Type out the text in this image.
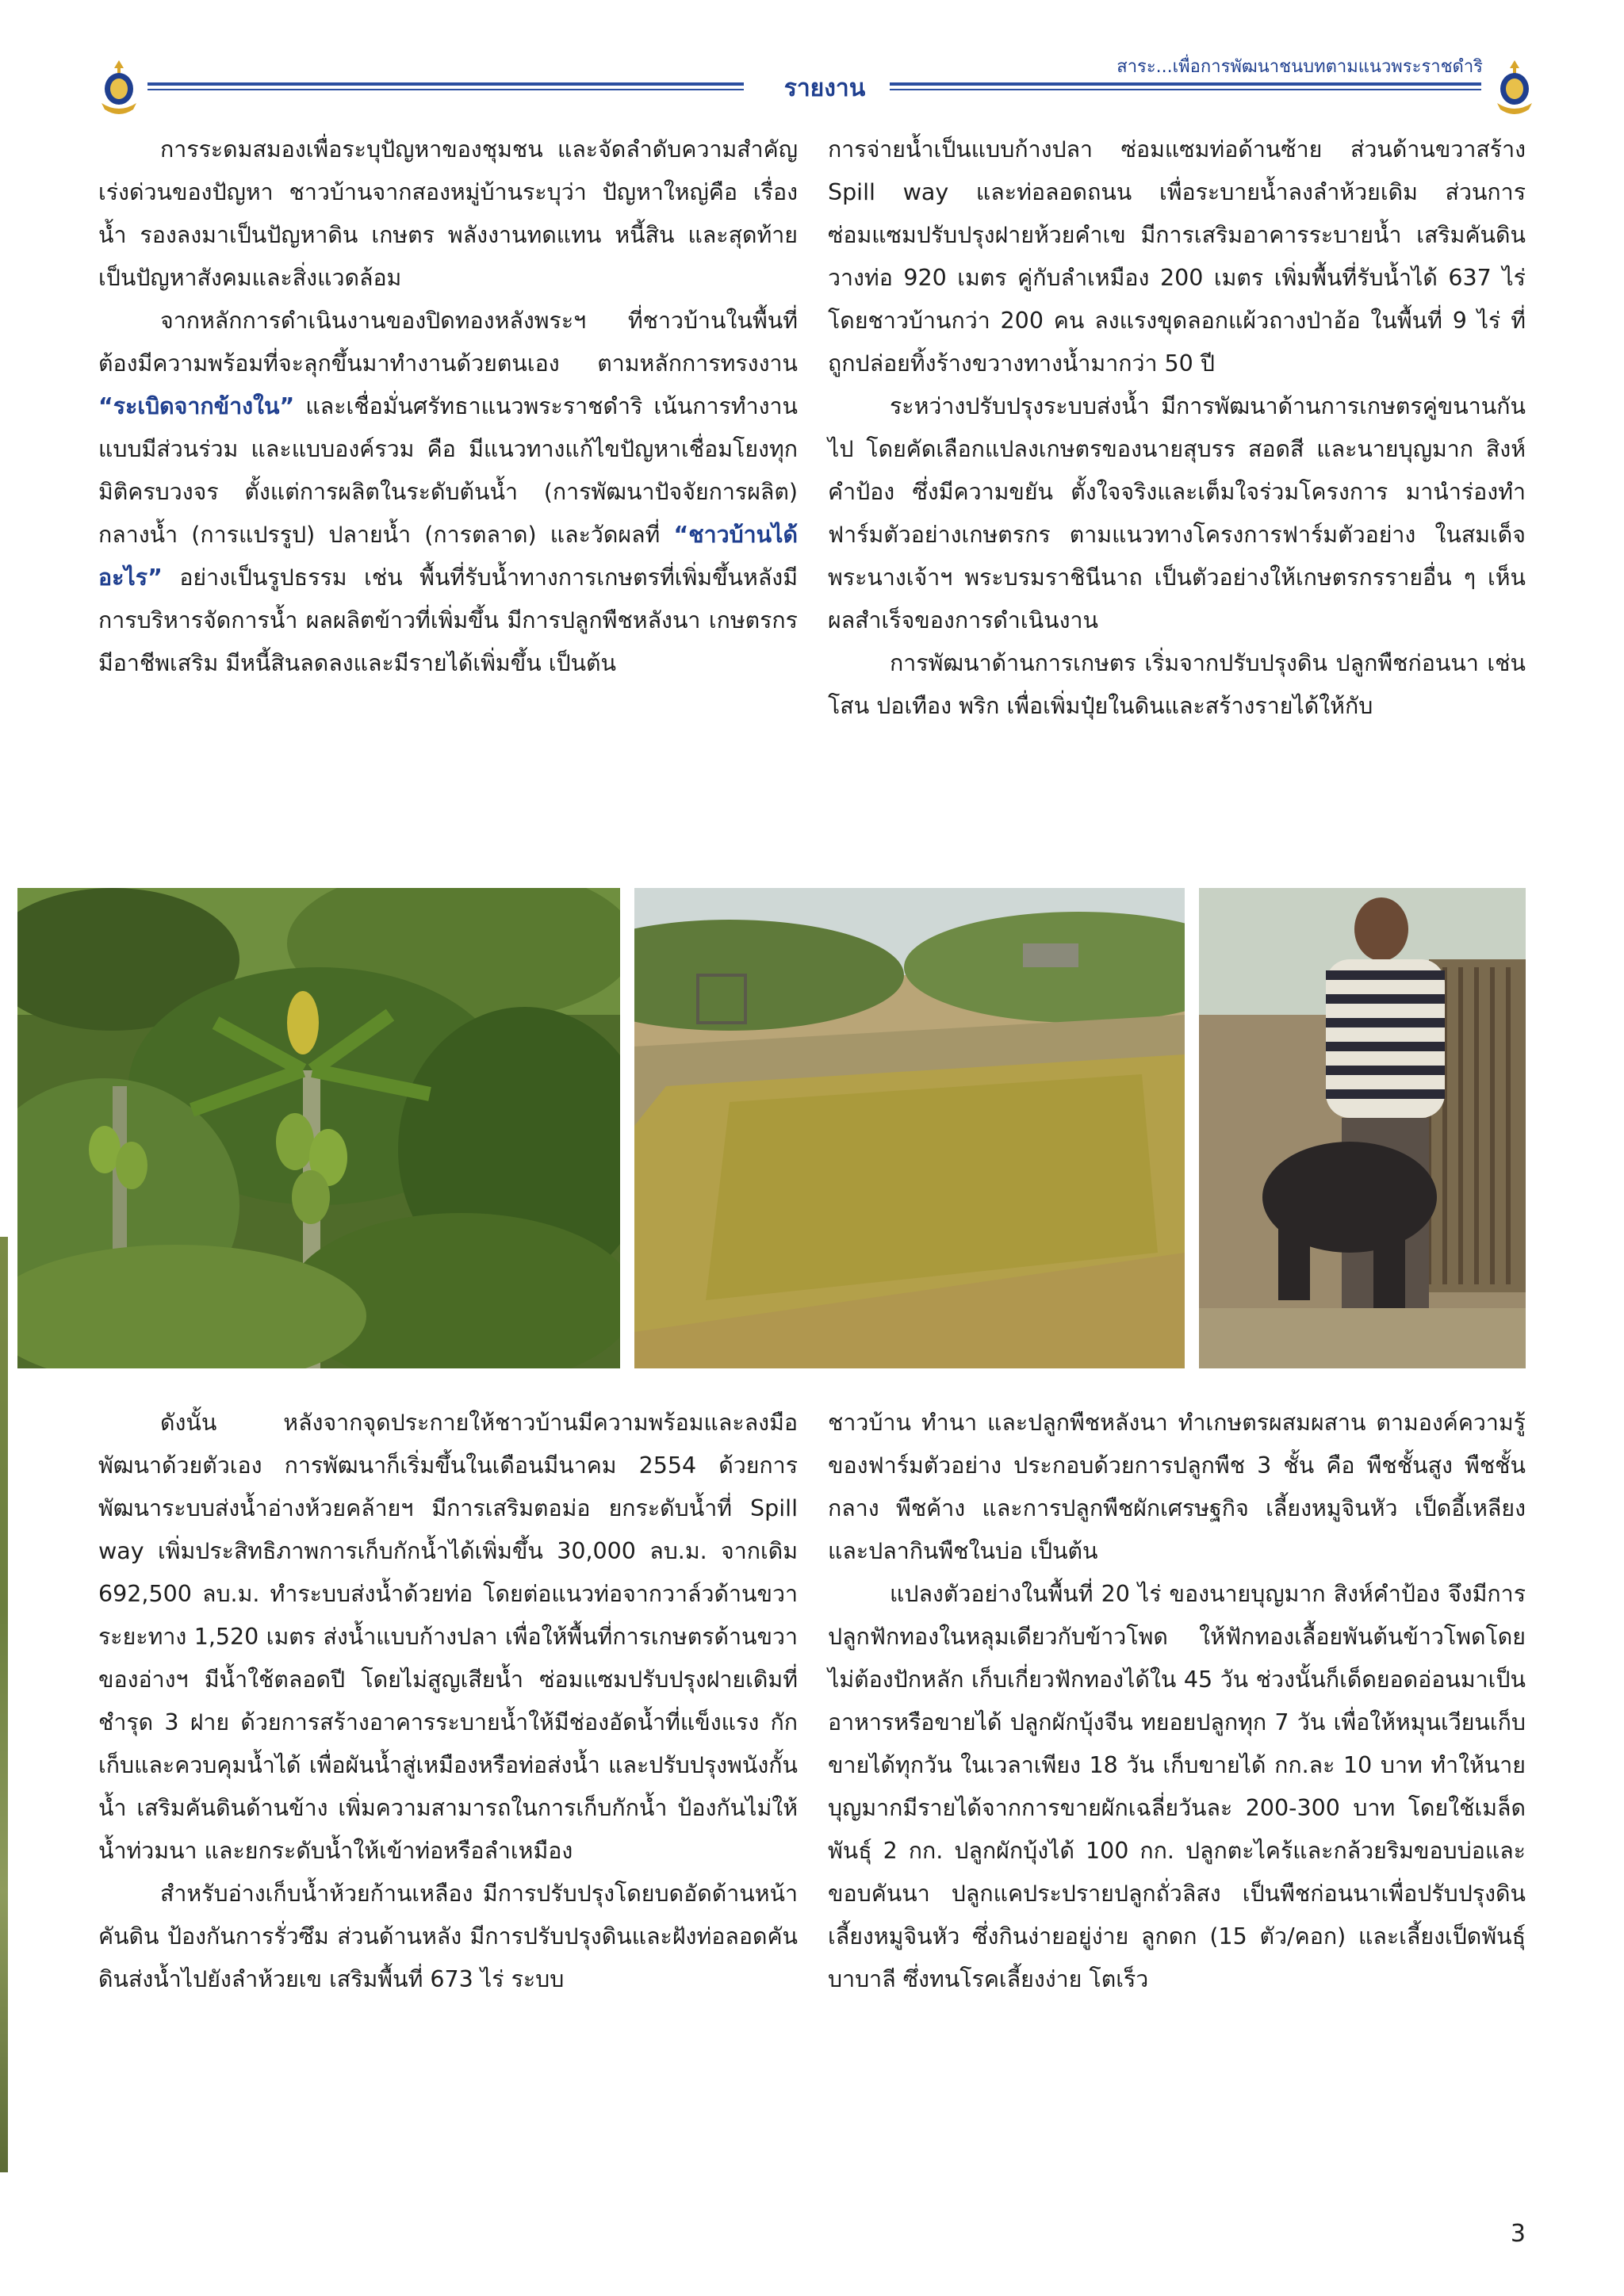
รายงาน
สาระ...เพื่อการพัฒนาชนบทตามแนวพระราชดำริ

การระดมสมองเพื่อระบุปัญหาของชุมชน และจัดลำดับความสำคัญเร่งด่วนของปัญหา ชาวบ้านจากสองหมู่บ้านระบุว่า ปัญหาใหญ่คือ เรื่องน้ำ รองลงมาเป็นปัญหาดิน เกษตร พลังงานทดแทน หนี้สิน และสุดท้ายเป็นปัญหาสังคมและสิ่งแวดล้อม

จากหลักการดำเนินงานของปิดทองหลังพระฯ ที่ชาวบ้านในพื้นที่ต้องมีความพร้อมที่จะลุกขึ้นมาทำงานด้วยตนเอง ตามหลักการทรงงาน “ระเบิดจากข้างใน” และเชื่อมั่นศรัทธาแนวพระราชดำริ เน้นการทำงานแบบมีส่วนร่วม และแบบองค์รวม คือ มีแนวทางแก้ไขปัญหาเชื่อมโยงทุกมิติครบวงจร ตั้งแต่การผลิตในระดับต้นน้ำ (การพัฒนาปัจจัยการผลิต) กลางน้ำ (การแปรรูป) ปลายน้ำ (การตลาด) และวัดผลที่ “ชาวบ้านได้อะไร” อย่างเป็นรูปธรรม เช่น พื้นที่รับน้ำทางการเกษตรที่เพิ่มขึ้นหลังมีการบริหารจัดการน้ำ ผลผลิตข้าวที่เพิ่มขึ้น มีการปลูกพืชหลังนา เกษตรกรมีอาชีพเสริม มีหนี้สินลดลงและมีรายได้เพิ่มขึ้น เป็นต้น

การจ่ายน้ำเป็นแบบก้างปลา ซ่อมแซมท่อด้านซ้าย ส่วนด้านขวาสร้าง Spill way และท่อลอดถนน เพื่อระบายน้ำลงลำห้วยเดิม ส่วนการซ่อมแซมปรับปรุงฝายห้วยคำเข มีการเสริมอาคารระบายน้ำ เสริมคันดิน วางท่อ 920 เมตร คู่กับลำเหมือง 200 เมตร เพิ่มพื้นที่รับน้ำได้ 637 ไร่ โดยชาวบ้านกว่า 200 คน ลงแรงขุดลอกแผ้วถางป่าอ้อ ในพื้นที่ 9 ไร่ ที่ถูกปล่อยทิ้งร้างขวางทางน้ำมากว่า 50 ปี

ระหว่างปรับปรุงระบบส่งน้ำ มีการพัฒนาด้านการเกษตรคู่ขนานกันไป โดยคัดเลือกแปลงเกษตรของนายสุบรร สอดสี และนายบุญมาก สิงห์คำป้อง ซึ่งมีความขยัน ตั้งใจจริงและเต็มใจร่วมโครงการ มานำร่องทำฟาร์มตัวอย่างเกษตรกร ตามแนวทางโครงการฟาร์มตัวอย่าง ในสมเด็จพระนางเจ้าฯ พระบรมราชินีนาถ เป็นตัวอย่างให้เกษตรกรรายอื่น ๆ เห็นผลสำเร็จของการดำเนินงาน

การพัฒนาด้านการเกษตร เริ่มจากปรับปรุงดิน ปลูกพืชก่อนนา เช่น โสน ปอเทือง พริก เพื่อเพิ่มปุ๋ยในดินและสร้างรายได้ให้กับ

ดังนั้น หลังจากจุดประกายให้ชาวบ้านมีความพร้อมและลงมือพัฒนาด้วยตัวเอง การพัฒนาก็เริ่มขึ้นในเดือนมีนาคม 2554 ด้วยการพัฒนาระบบส่งน้ำอ่างห้วยคล้ายฯ มีการเสริมตอม่อ ยกระดับน้ำที่ Spill way เพิ่มประสิทธิภาพการเก็บกักน้ำได้เพิ่มขึ้น 30,000 ลบ.ม. จากเดิม 692,500 ลบ.ม. ทำระบบส่งน้ำด้วยท่อ โดยต่อแนวท่อจากวาล์วด้านขวา ระยะทาง 1,520 เมตร ส่งน้ำแบบก้างปลา เพื่อให้พื้นที่การเกษตรด้านขวาของอ่างฯ มีน้ำใช้ตลอดปี โดยไม่สูญเสียน้ำ ซ่อมแซมปรับปรุงฝายเดิมที่ชำรุด 3 ฝาย ด้วยการสร้างอาคารระบายน้ำให้มีช่องอัดน้ำที่แข็งแรง กักเก็บและควบคุมน้ำได้ เพื่อผันน้ำสู่เหมืองหรือท่อส่งน้ำ และปรับปรุงพนังกั้นน้ำ เสริมคันดินด้านข้าง เพิ่มความสามารถในการเก็บกักน้ำ ป้องกันไม่ให้น้ำท่วมนา และยกระดับน้ำให้เข้าท่อหรือลำเหมือง

สำหรับอ่างเก็บน้ำห้วยก้านเหลือง มีการปรับปรุงโดยบดอัดด้านหน้าคันดิน ป้องกันการรั่วซึม ส่วนด้านหลัง มีการปรับปรุงดินและฝังท่อลอดคันดินส่งน้ำไปยังลำห้วยเข เสริมพื้นที่ 673 ไร่ ระบบ

ชาวบ้าน ทำนา และปลูกพืชหลังนา ทำเกษตรผสมผสาน ตามองค์ความรู้ของฟาร์มตัวอย่าง ประกอบด้วยการปลูกพืช 3 ชั้น คือ พืชชั้นสูง พืชชั้นกลาง พืชค้าง และการปลูกพืชผักเศรษฐกิจ เลี้ยงหมูจินหัว เป็ดอี้เหลียง และปลากินพืชในบ่อ เป็นต้น

แปลงตัวอย่างในพื้นที่ 20 ไร่ ของนายบุญมาก สิงห์คำป้อง จึงมีการปลูกฟักทองในหลุมเดียวกับข้าวโพด ให้ฟักทองเลื้อยพันต้นข้าวโพดโดยไม่ต้องปักหลัก เก็บเกี่ยวฟักทองได้ใน 45 วัน ช่วงนั้นก็เด็ดยอดอ่อนมาเป็นอาหารหรือขายได้ ปลูกผักบุ้งจีน ทยอยปลูกทุก 7 วัน เพื่อให้หมุนเวียนเก็บขายได้ทุกวัน ในเวลาเพียง 18 วัน เก็บขายได้ กก.ละ 10 บาท ทำให้นายบุญมากมีรายได้จากการขายผักเฉลี่ยวันละ 200-300 บาท โดยใช้เมล็ดพันธุ์ 2 กก. ปลูกผักบุ้งได้ 100 กก. ปลูกตะไคร้และกล้วยริมขอบบ่อและขอบคันนา ปลูกแคประปรายปลูกถั่วลิสง เป็นพืชก่อนนาเพื่อปรับปรุงดิน เลี้ยงหมูจินหัว ซึ่งกินง่ายอยู่ง่าย ลูกดก (15 ตัว/คอก) และเลี้ยงเป็ดพันธุ์บาบาลี ซึ่งทนโรคเลี้ยงง่าย โตเร็ว

3
